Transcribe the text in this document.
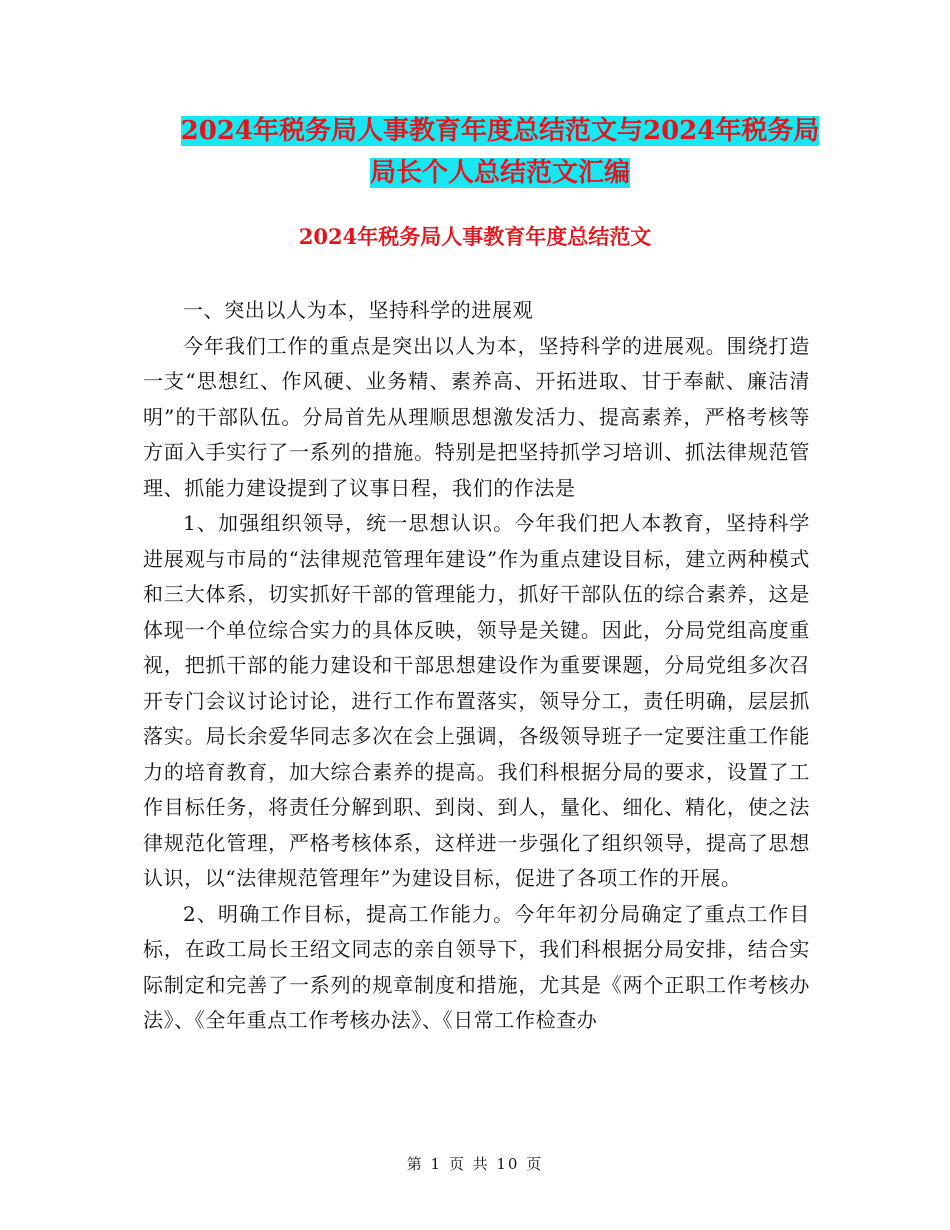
2024年税务局人事教育年度总结范文与2024年税务局
局长个人总结范文汇编
2024年税务局人事教育年度总结范文

一、突出以人为本，坚持科学的进展观

今年我们工作的重点是突出以人为本，坚持科学的进展观。围绕打造一支“思想红、作风硬、业务精、素养高、开拓进取、甘于奉献、廉洁清明”的干部队伍。分局首先从理顺思想激发活力、提高素养，严格考核等方面入手实行了一系列的措施。特别是把坚持抓学习培训、抓法律规范管理、抓能力建设提到了议事日程，我们的作法是

1、加强组织领导，统一思想认识。今年我们把人本教育，坚持科学进展观与市局的“法律规范管理年建设”作为重点建设目标，建立两种模式和三大体系，切实抓好干部的管理能力，抓好干部队伍的综合素养，这是体现一个单位综合实力的具体反映，领导是关键。因此，分局党组高度重视，把抓干部的能力建设和干部思想建设作为重要课题，分局党组多次召开专门会议讨论讨论，进行工作布置落实，领导分工，责任明确，层层抓落实。局长余爱华同志多次在会上强调，各级领导班子一定要注重工作能力的培育教育，加大综合素养的提高。我们科根据分局的要求，设置了工作目标任务，将责任分解到职、到岗、到人，量化、细化、精化，使之法律规范化管理，严格考核体系，这样进一步强化了组织领导，提高了思想认识，以“法律规范管理年”为建设目标，促进了各项工作的开展。

2、明确工作目标，提高工作能力。今年年初分局确定了重点工作目标，在政工局长王绍文同志的亲自领导下，我们科根据分局安排，结合实际制定和完善了一系列的规章制度和措施，尤其是《两个正职工作考核办法》、《全年重点工作考核办法》、《日常工作检查办

第 1 页 共 10 页
